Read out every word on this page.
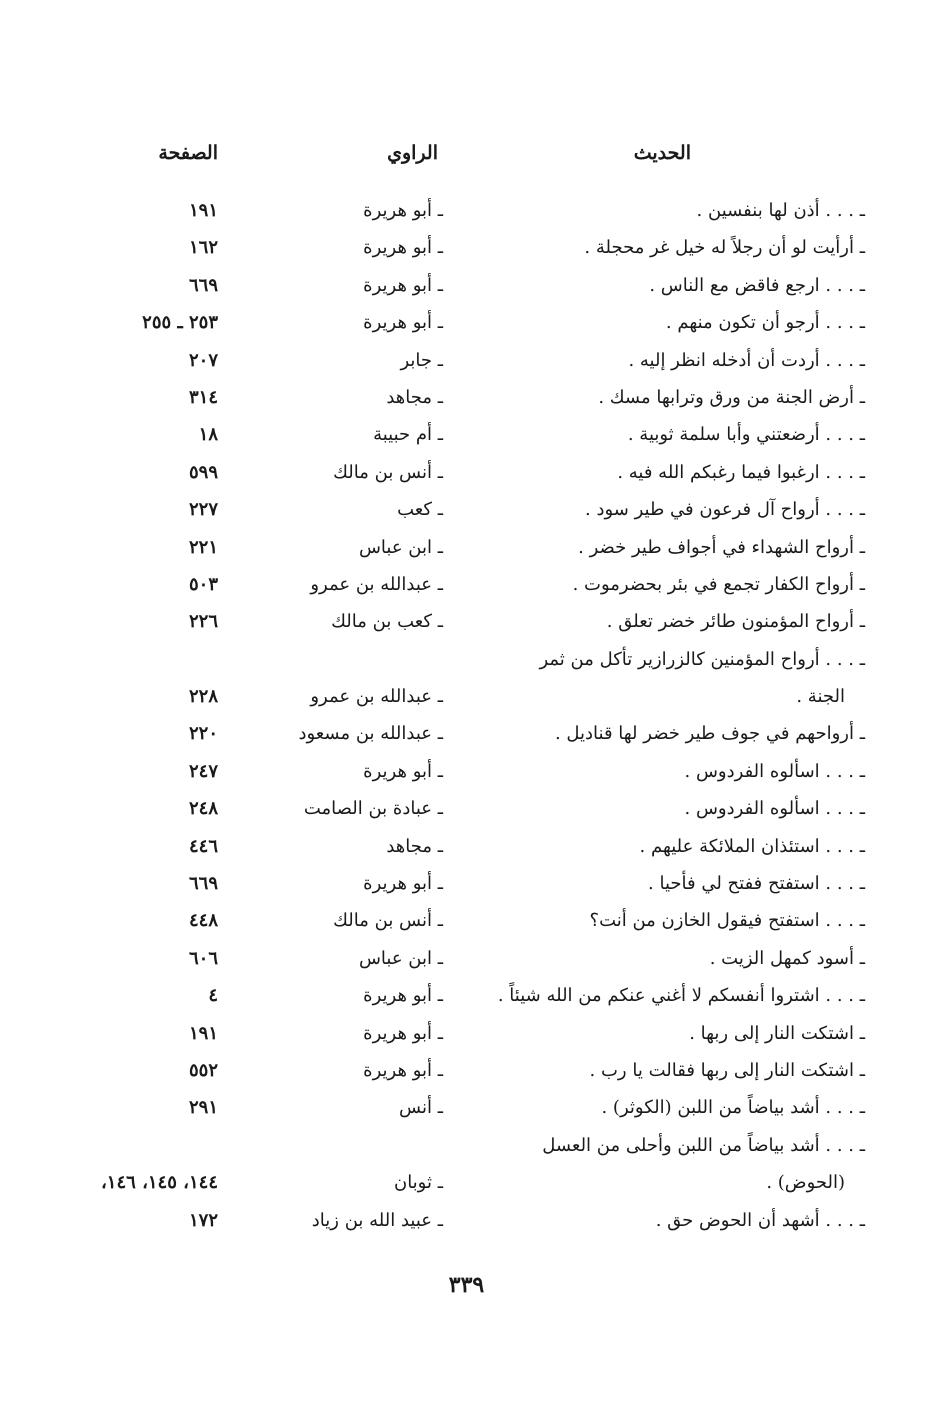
الحديث
الراوي
الصفحة
ـ . . . أذن لها بنفسين .
ـ أبو هريرة
١٩١
ـ أرأيت لو أن رجلاً له خيل غر محجلة .
ـ أبو هريرة
١٦٢
ـ . . . ارجع فاقض مع الناس .
ـ أبو هريرة
٦٦٩
ـ . . . أرجو أن تكون منهم .
ـ أبو هريرة
٢٥٣ ـ ٢٥٥
ـ . . . أردت أن أدخله انظر إليه .
ـ جابر
٢٠٧
ـ أرض الجنة من ورق وترابها مسك .
ـ مجاهد
٣١٤
ـ . . . أرضعتني وأبا سلمة ثوبية .
ـ أم حبيبة
١٨
ـ . . . ارغبوا فيما رغبكم الله فيه .
ـ أنس بن مالك
٥٩٩
ـ . . . أرواح آل فرعون في طير سود .
ـ كعب
٢٢٧
ـ أرواح الشهداء في أجواف طير خضر .
ـ ابن عباس
٢٢١
ـ أرواح الكفار تجمع في بئر بحضرموت .
ـ عبدالله بن عمرو
٥٠٣
ـ أرواح المؤمنون طائر خضر تعلق .
ـ كعب بن مالك
٢٢٦
ـ . . . أرواح المؤمنين كالزرازير تأكل من ثمر
الجنة .
ـ عبدالله بن عمرو
٢٢٨
ـ أرواحهم في جوف طير خضر لها قناديل .
ـ عبدالله بن مسعود
٢٢٠
ـ . . . اسألوه الفردوس .
ـ أبو هريرة
٢٤٧
ـ . . . اسألوه الفردوس .
ـ عبادة بن الصامت
٢٤٨
ـ . . . استئذان الملائكة عليهم .
ـ مجاهد
٤٤٦
ـ . . . استفتح ففتح لي فأحيا .
ـ أبو هريرة
٦٦٩
ـ . . . استفتح فيقول الخازن من أنت؟
ـ أنس بن مالك
٤٤٨
ـ أسود كمهل الزيت .
ـ ابن عباس
٦٠٦
ـ . . . اشتروا أنفسكم لا أغني عنكم من الله شيئاً .
ـ أبو هريرة
٤
ـ اشتكت النار إلى ربها .
ـ أبو هريرة
١٩١
ـ اشتكت النار إلى ربها فقالت يا رب .
ـ أبو هريرة
٥٥٢
ـ . . . أشد بياضاً من اللبن (الكوثر) .
ـ أنس
٢٩١
ـ . . . أشد بياضاً من اللبن وأحلى من العسل
(الحوض) .
ـ ثوبان
١٤٤، ١٤٥، ١٤٦،
ـ . . . أشهد أن الحوض حق .
ـ عبيد الله بن زياد
١٧٢
٣٣٩
